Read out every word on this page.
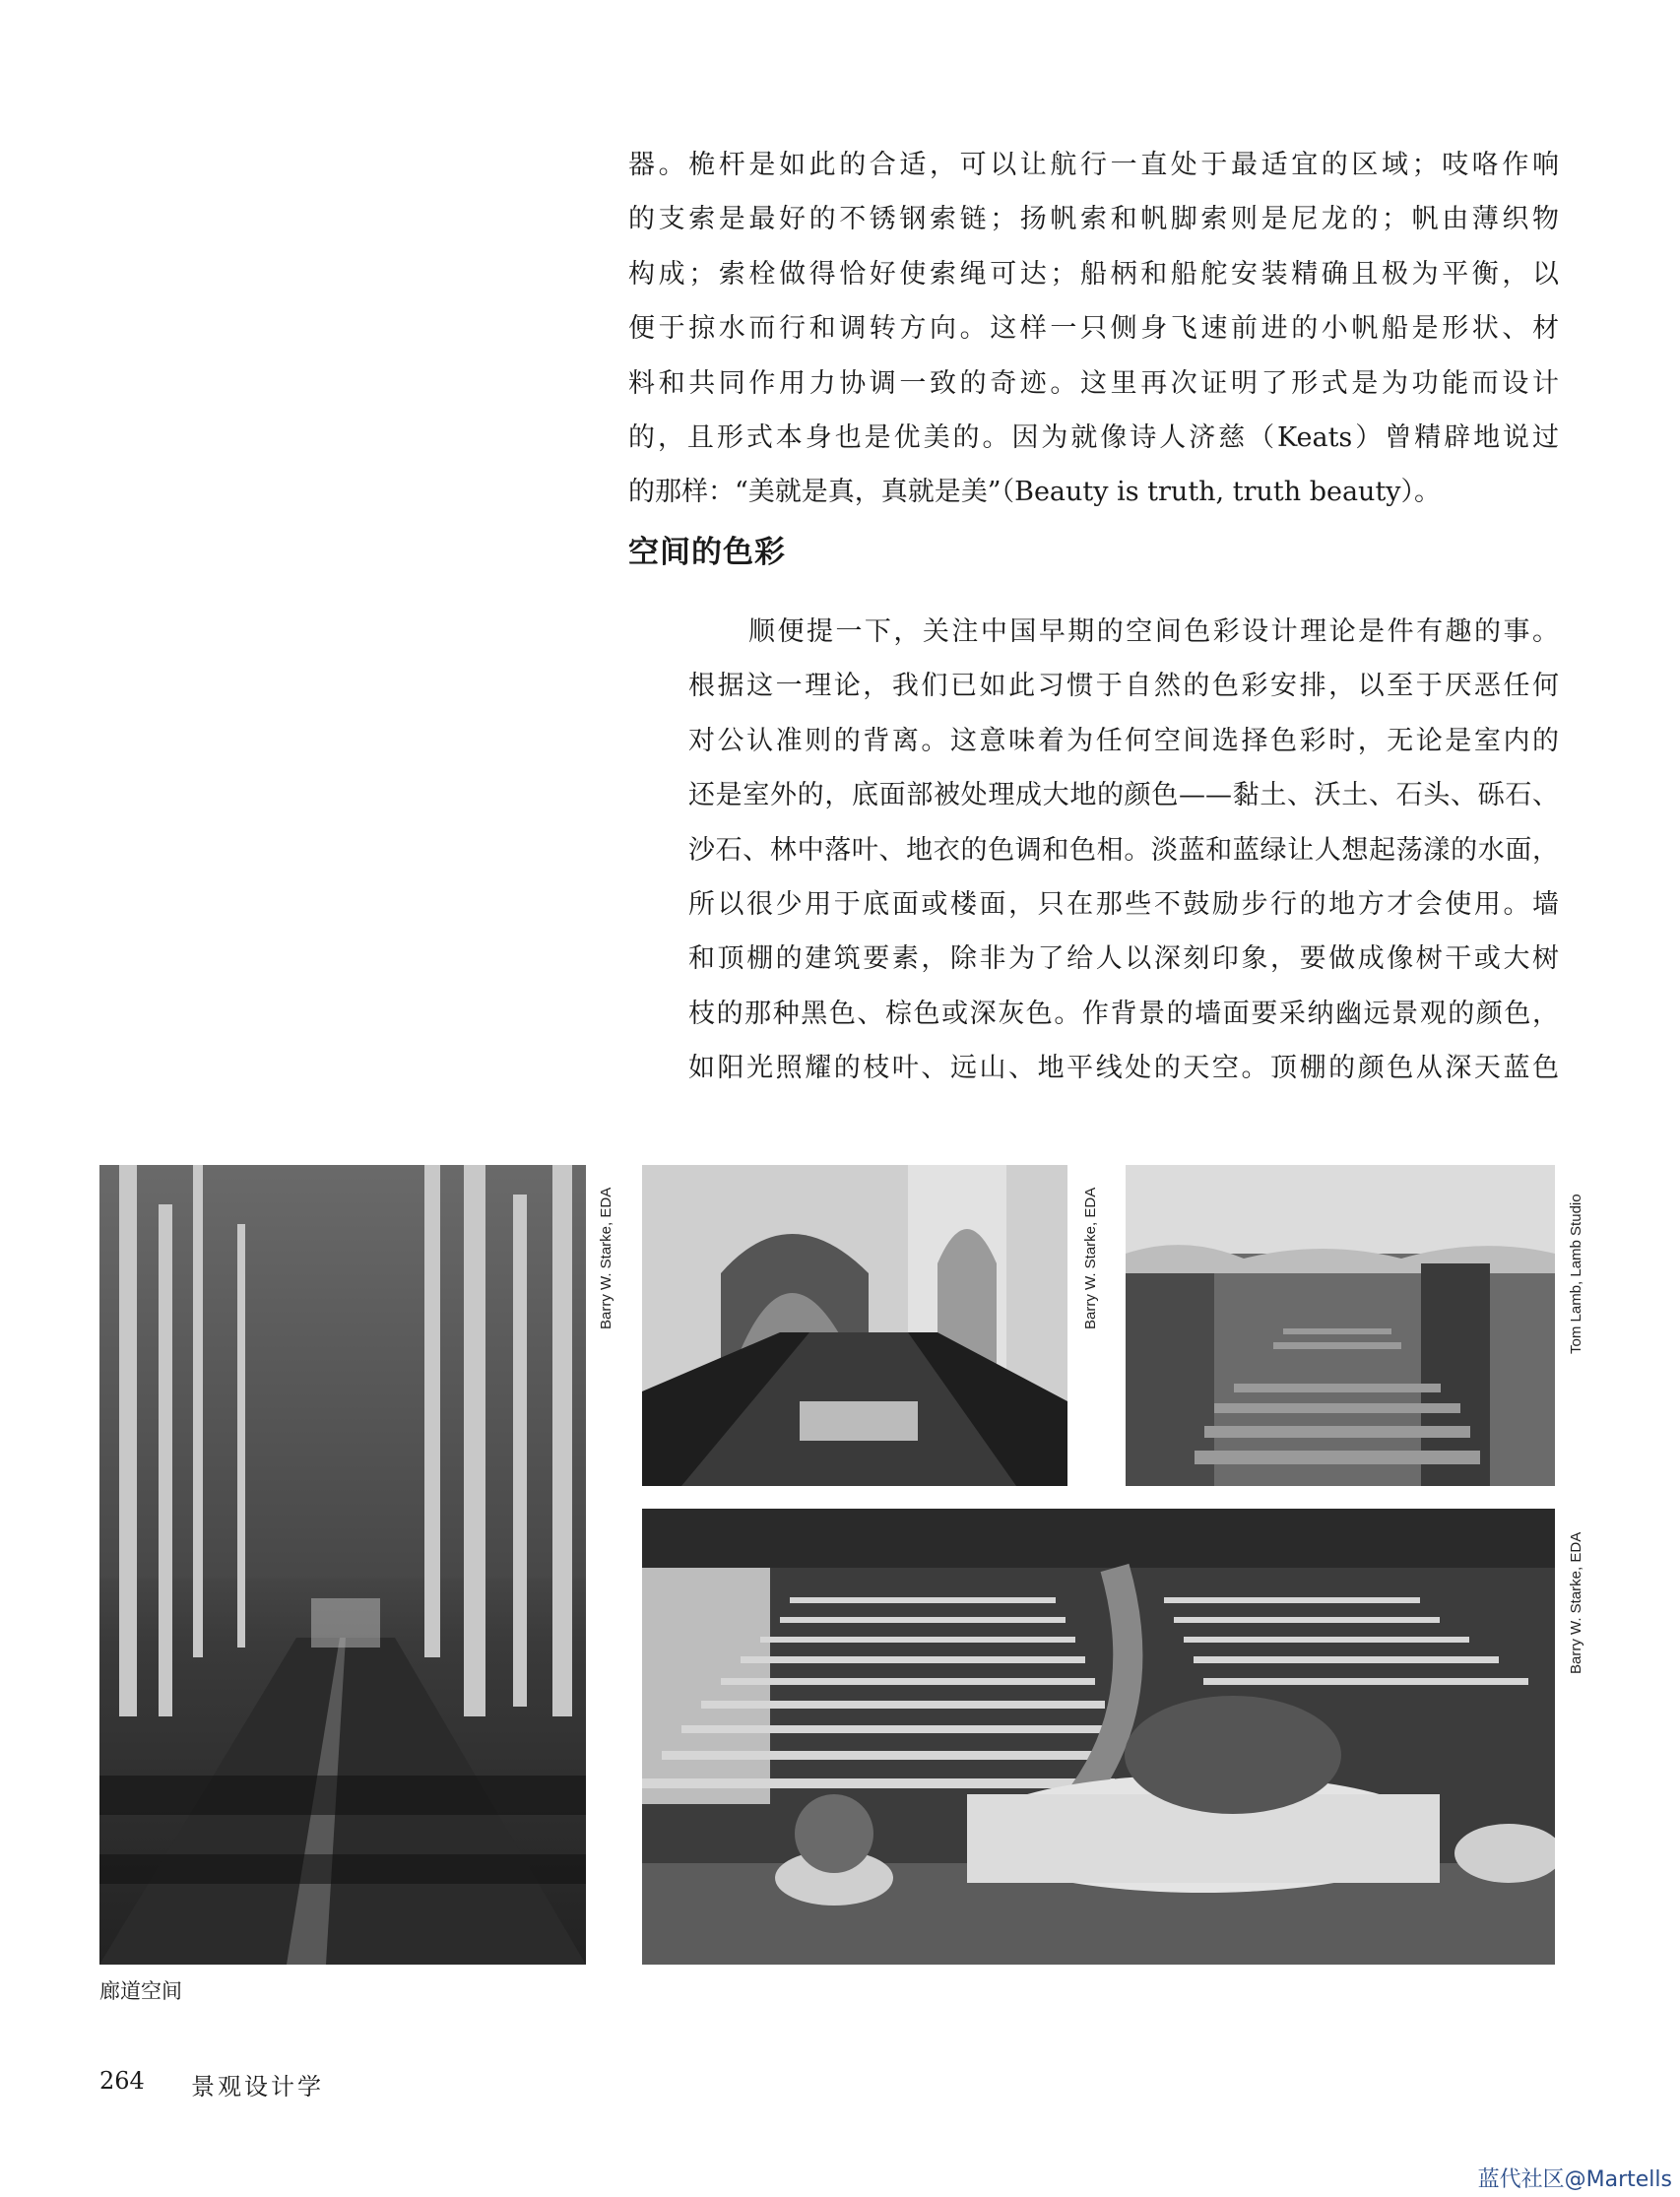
器。桅杆是如此的合适，可以让航行一直处于最适宜的区域；吱咯作响

的支索是最好的不锈钢索链；扬帆索和帆脚索则是尼龙的；帆由薄织物

构成；索栓做得恰好使索绳可达；船柄和船舵安装精确且极为平衡，以

便于掠水而行和调转方向。这样一只侧身飞速前进的小帆船是形状、材

料和共同作用力协调一致的奇迹。这里再次证明了形式是为功能而设计

的，且形式本身也是优美的。因为就像诗人济慈（Keats）曾精辟地说过

的那样：“美就是真，真就是美”（Beauty is truth, truth beauty）。

空间的色彩

顺便提一下，关注中国早期的空间色彩设计理论是件有趣的事。

根据这一理论，我们已如此习惯于自然的色彩安排，以至于厌恶任何

对公认准则的背离。这意味着为任何空间选择色彩时，无论是室内的

还是室外的，底面部被处理成大地的颜色——黏土、沃土、石头、砾石、

沙石、林中落叶、地衣的色调和色相。淡蓝和蓝绿让人想起荡漾的水面，

所以很少用于底面或楼面，只在那些不鼓励步行的地方才会使用。墙

和顶棚的建筑要素，除非为了给人以深刻印象，要做成像树干或大树

枝的那种黑色、棕色或深灰色。作背景的墙面要采纳幽远景观的颜色，

如阳光照耀的枝叶、远山、地平线处的天空。顶棚的颜色从深天蓝色

Barry W. Starke, EDA	Barry W. Starke, EDA	Tom Lamb, Lamb Studio
Barry W. Starke, EDA
廊道空间
264 景观设计学
蓝代社区@Martells
